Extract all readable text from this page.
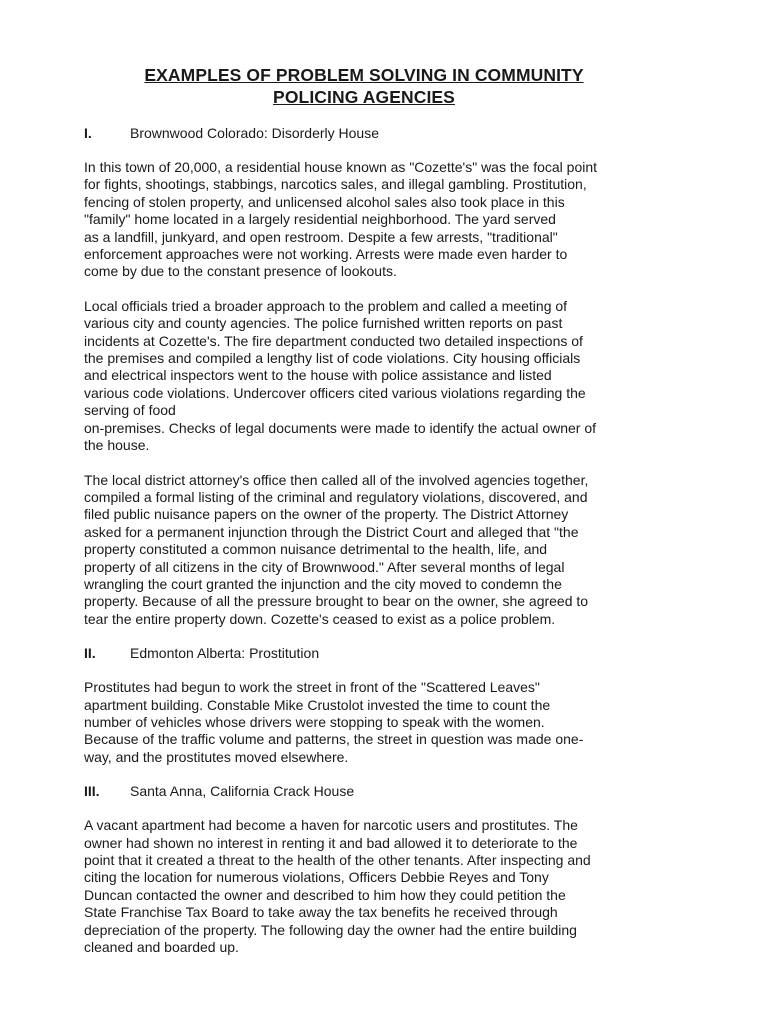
EXAMPLES OF PROBLEM SOLVING IN COMMUNITY
POLICING AGENCIES
I.	Brownwood Colorado: Disorderly House

In this town of 20,000, a residential house known as "Cozette's" was the focal point
for fights, shootings, stabbings, narcotics sales, and illegal gambling. Prostitution,
fencing of stolen property, and unlicensed alcohol sales also took place in this
"family" home located in a largely residential neighborhood. The yard served
as a landfill, junkyard, and open restroom. Despite a few arrests, "traditional"
enforcement approaches were not working. Arrests were made even harder to
come by due to the constant presence of lookouts.

Local officials tried a broader approach to the problem and called a meeting of
various city and county agencies. The police furnished written reports on past
incidents at Cozette's. The fire department conducted two detailed inspections of
the premises and compiled a lengthy list of code violations. City housing officials
and electrical inspectors went to the house with police assistance and listed
various code violations. Undercover officers cited various violations regarding the
serving of food
on-premises. Checks of legal documents were made to identify the actual owner of
the house.

The local district attorney's office then called all of the involved agencies together,
compiled a formal listing of the criminal and regulatory violations, discovered, and
filed public nuisance papers on the owner of the property. The District Attorney
asked for a permanent injunction through the District Court and alleged that "the
property constituted a common nuisance detrimental to the health, life, and
property of all citizens in the city of Brownwood." After several months of legal
wrangling the court granted the injunction and the city moved to condemn the
property. Because of all the pressure brought to bear on the owner, she agreed to
tear the entire property down. Cozette's ceased to exist as a police problem.

II.	Edmonton Alberta: Prostitution

Prostitutes had begun to work the street in front of the "Scattered Leaves"
apartment building. Constable Mike Crustolot invested the time to count the
number of vehicles whose drivers were stopping to speak with the women.
Because of the traffic volume and patterns, the street in question was made one-
way, and the prostitutes moved elsewhere.

III.	Santa Anna, California Crack House

A vacant apartment had become a haven for narcotic users and prostitutes. The
owner had shown no interest in renting it and bad allowed it to deteriorate to the
point that it created a threat to the health of the other tenants. After inspecting and
citing the location for numerous violations, Officers Debbie Reyes and Tony
Duncan contacted the owner and described to him how they could petition the
State Franchise Tax Board to take away the tax benefits he received through
depreciation of the property. The following day the owner had the entire building
cleaned and boarded up.
